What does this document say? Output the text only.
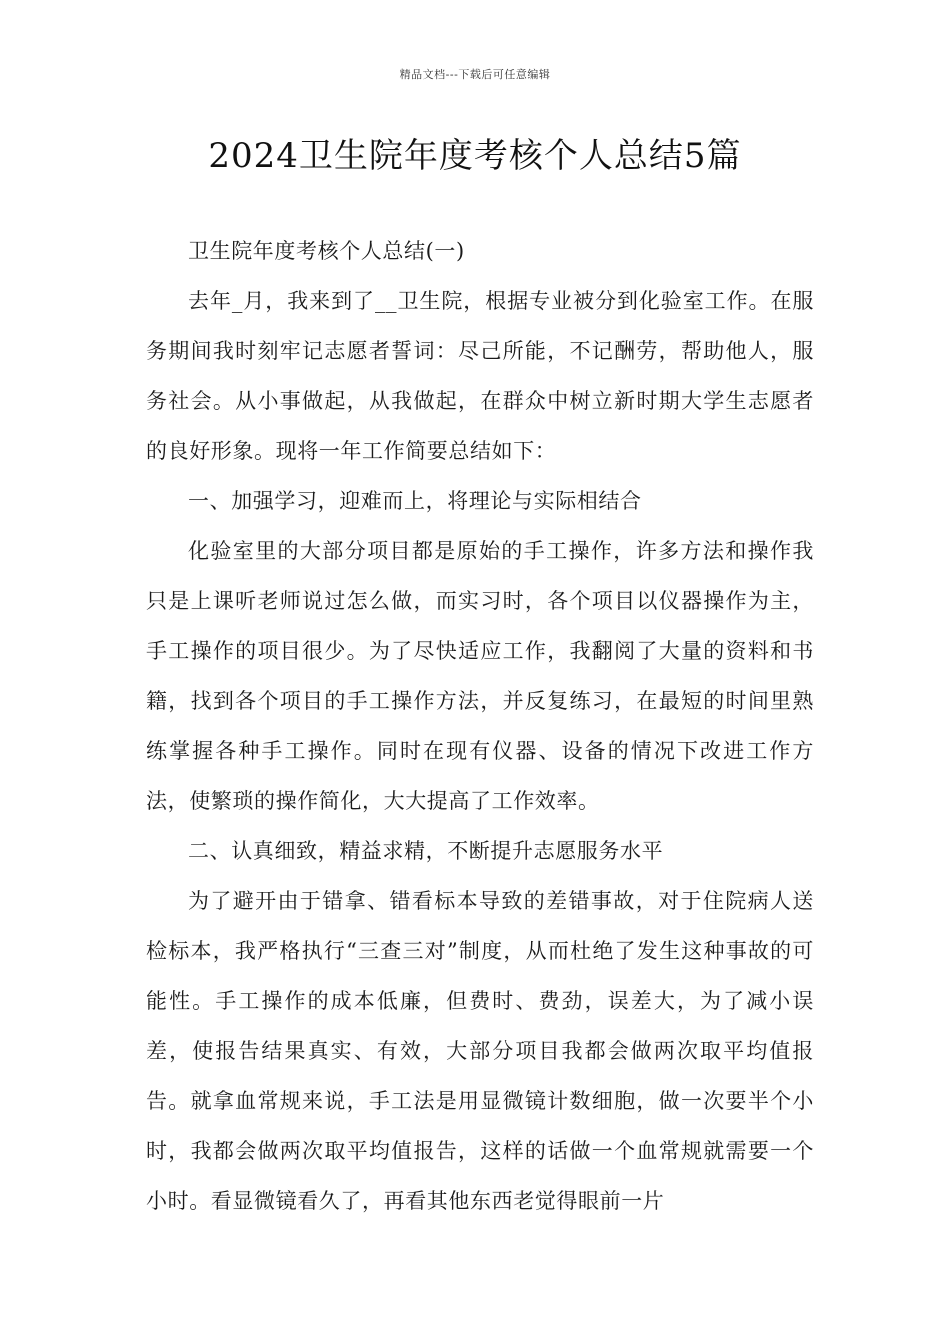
精品文档---下载后可任意编辑
2024卫生院年度考核个人总结5篇

卫生院年度考核个人总结(一)

去年_月，我来到了__卫生院，根据专业被分到化验室工作。在服务期间我时刻牢记志愿者誓词：尽己所能，不记酬劳，帮助他人，服务社会。从小事做起，从我做起，在群众中树立新时期大学生志愿者的良好形象。现将一年工作简要总结如下：

一、加强学习，迎难而上，将理论与实际相结合

化验室里的大部分项目都是原始的手工操作，许多方法和操作我只是上课听老师说过怎么做，而实习时，各个项目以仪器操作为主，手工操作的项目很少。为了尽快适应工作，我翻阅了大量的资料和书籍，找到各个项目的手工操作方法，并反复练习，在最短的时间里熟练掌握各种手工操作。同时在现有仪器、设备的情况下改进工作方法，使繁琐的操作简化，大大提高了工作效率。

二、认真细致，精益求精，不断提升志愿服务水平

为了避开由于错拿、错看标本导致的差错事故，对于住院病人送检标本，我严格执行“三查三对”制度，从而杜绝了发生这种事故的可能性。手工操作的成本低廉，但费时、费劲，误差大，为了减小误差，使报告结果真实、有效，大部分项目我都会做两次取平均值报告。就拿血常规来说，手工法是用显微镜计数细胞，做一次要半个小时，我都会做两次取平均值报告，这样的话做一个血常规就需要一个小时。看显微镜看久了，再看其他东西老觉得眼前一片
